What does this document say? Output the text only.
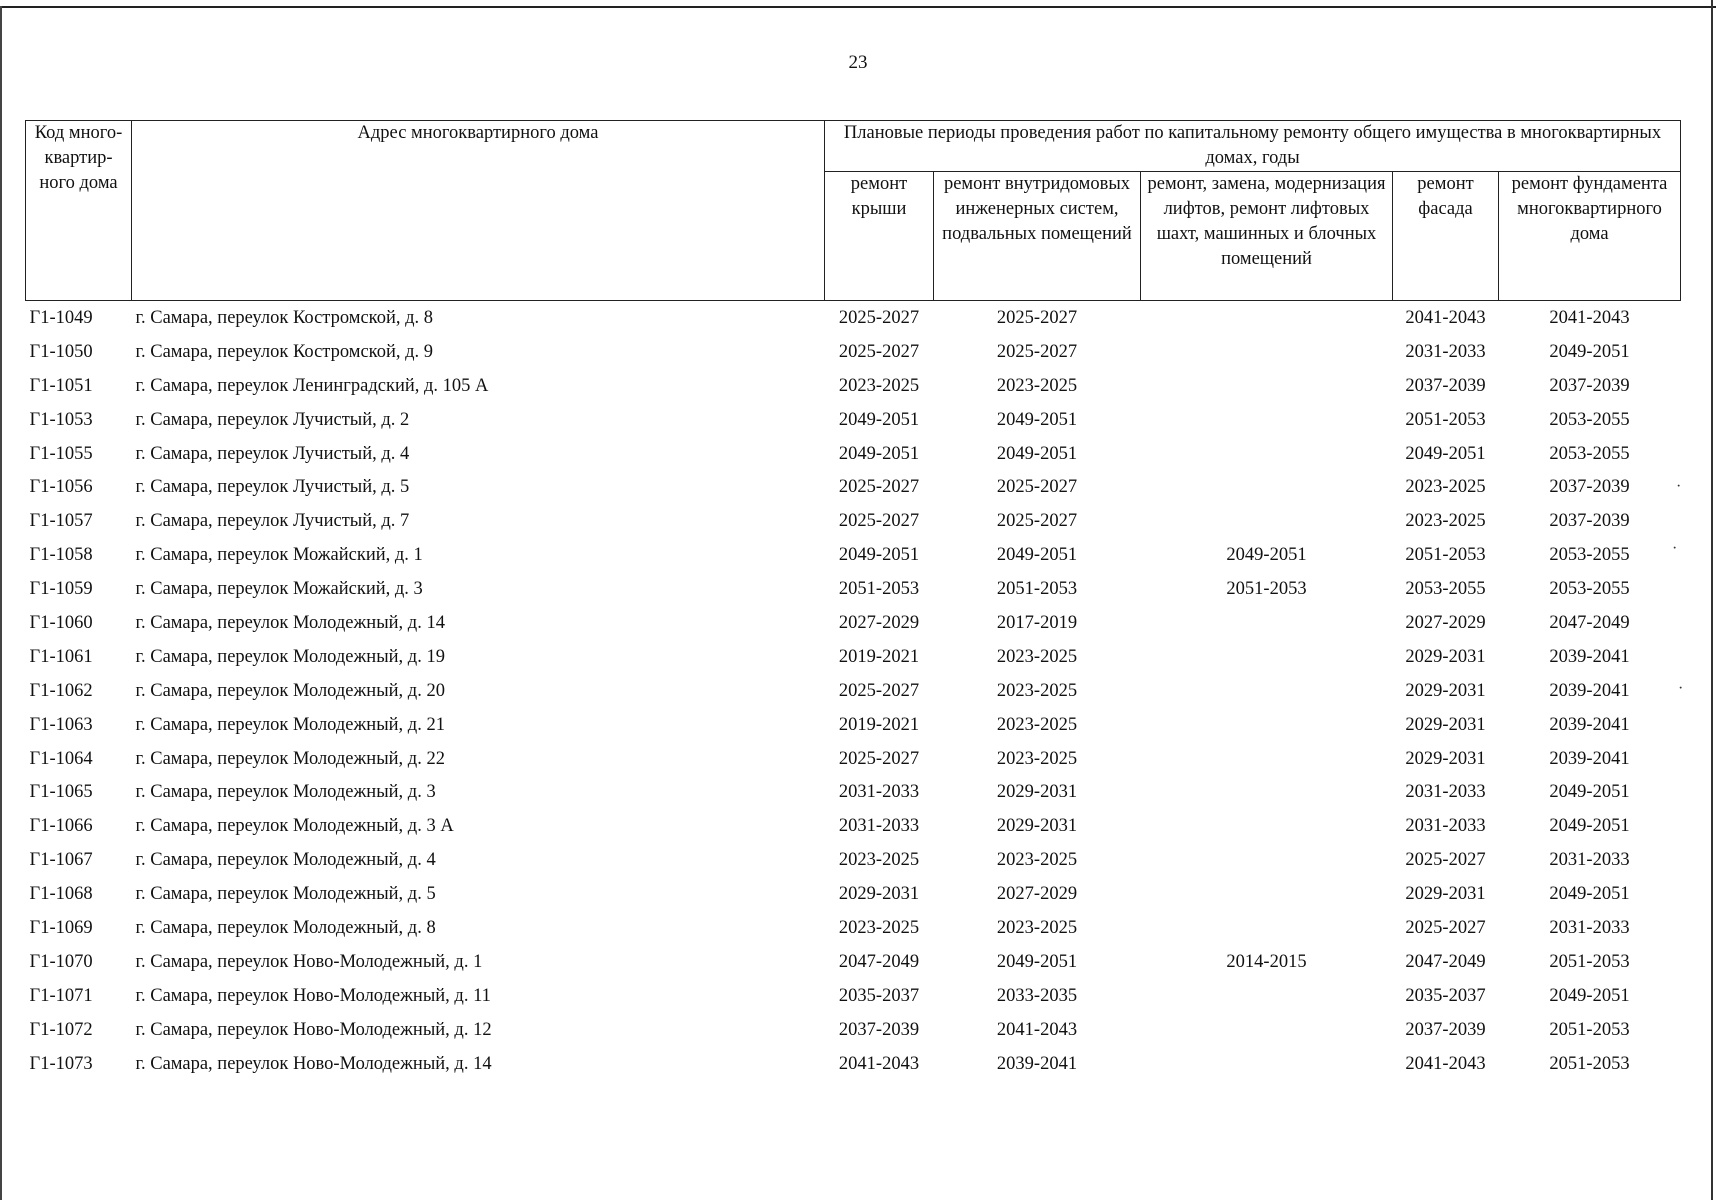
23
Код много-квартир-ного дома	Адрес многоквартирного дома	Плановые периоды проведения работ по капитальному ремонту общего имущества в многоквартирных домах, годы				
		ремонт крыши	ремонт внутридомовых инженерных систем, подвальных помещений	ремонт, замена, модернизация лифтов, ремонт лифтовых шахт, машинных и блочных помещений	ремонт фасада	ремонт фундамента многоквартирного дома
Г1-1049	г. Самара, переулок Костромской, д. 8	2025-2027	2025-2027		2041-2043	2041-2043
Г1-1050	г. Самара, переулок Костромской, д. 9	2025-2027	2025-2027		2031-2033	2049-2051
Г1-1051	г. Самара, переулок Ленинградский, д. 105 А	2023-2025	2023-2025		2037-2039	2037-2039
Г1-1053	г. Самара, переулок Лучистый, д. 2	2049-2051	2049-2051		2051-2053	2053-2055
Г1-1055	г. Самара, переулок Лучистый, д. 4	2049-2051	2049-2051		2049-2051	2053-2055
Г1-1056	г. Самара, переулок Лучистый, д. 5	2025-2027	2025-2027		2023-2025	2037-2039
Г1-1057	г. Самара, переулок Лучистый, д. 7	2025-2027	2025-2027		2023-2025	2037-2039
Г1-1058	г. Самара, переулок Можайский, д. 1	2049-2051	2049-2051	2049-2051	2051-2053	2053-2055
Г1-1059	г. Самара, переулок Можайский, д. 3	2051-2053	2051-2053	2051-2053	2053-2055	2053-2055
Г1-1060	г. Самара, переулок Молодежный, д. 14	2027-2029	2017-2019		2027-2029	2047-2049
Г1-1061	г. Самара, переулок Молодежный, д. 19	2019-2021	2023-2025		2029-2031	2039-2041
Г1-1062	г. Самара, переулок Молодежный, д. 20	2025-2027	2023-2025		2029-2031	2039-2041
Г1-1063	г. Самара, переулок Молодежный, д. 21	2019-2021	2023-2025		2029-2031	2039-2041
Г1-1064	г. Самара, переулок Молодежный, д. 22	2025-2027	2023-2025		2029-2031	2039-2041
Г1-1065	г. Самара, переулок Молодежный, д. 3	2031-2033	2029-2031		2031-2033	2049-2051
Г1-1066	г. Самара, переулок Молодежный, д. 3 А	2031-2033	2029-2031		2031-2033	2049-2051
Г1-1067	г. Самара, переулок Молодежный, д. 4	2023-2025	2023-2025		2025-2027	2031-2033
Г1-1068	г. Самара, переулок Молодежный, д. 5	2029-2031	2027-2029		2029-2031	2049-2051
Г1-1069	г. Самара, переулок Молодежный, д. 8	2023-2025	2023-2025		2025-2027	2031-2033
Г1-1070	г. Самара, переулок Ново-Молодежный, д. 1	2047-2049	2049-2051	2014-2015	2047-2049	2051-2053
Г1-1071	г. Самара, переулок Ново-Молодежный, д. 11	2035-2037	2033-2035		2035-2037	2049-2051
Г1-1072	г. Самара, переулок Ново-Молодежный, д. 12	2037-2039	2041-2043		2037-2039	2051-2053
Г1-1073	г. Самара, переулок Ново-Молодежный, д. 14	2041-2043	2039-2041		2041-2043	2051-2053
·
·
·
